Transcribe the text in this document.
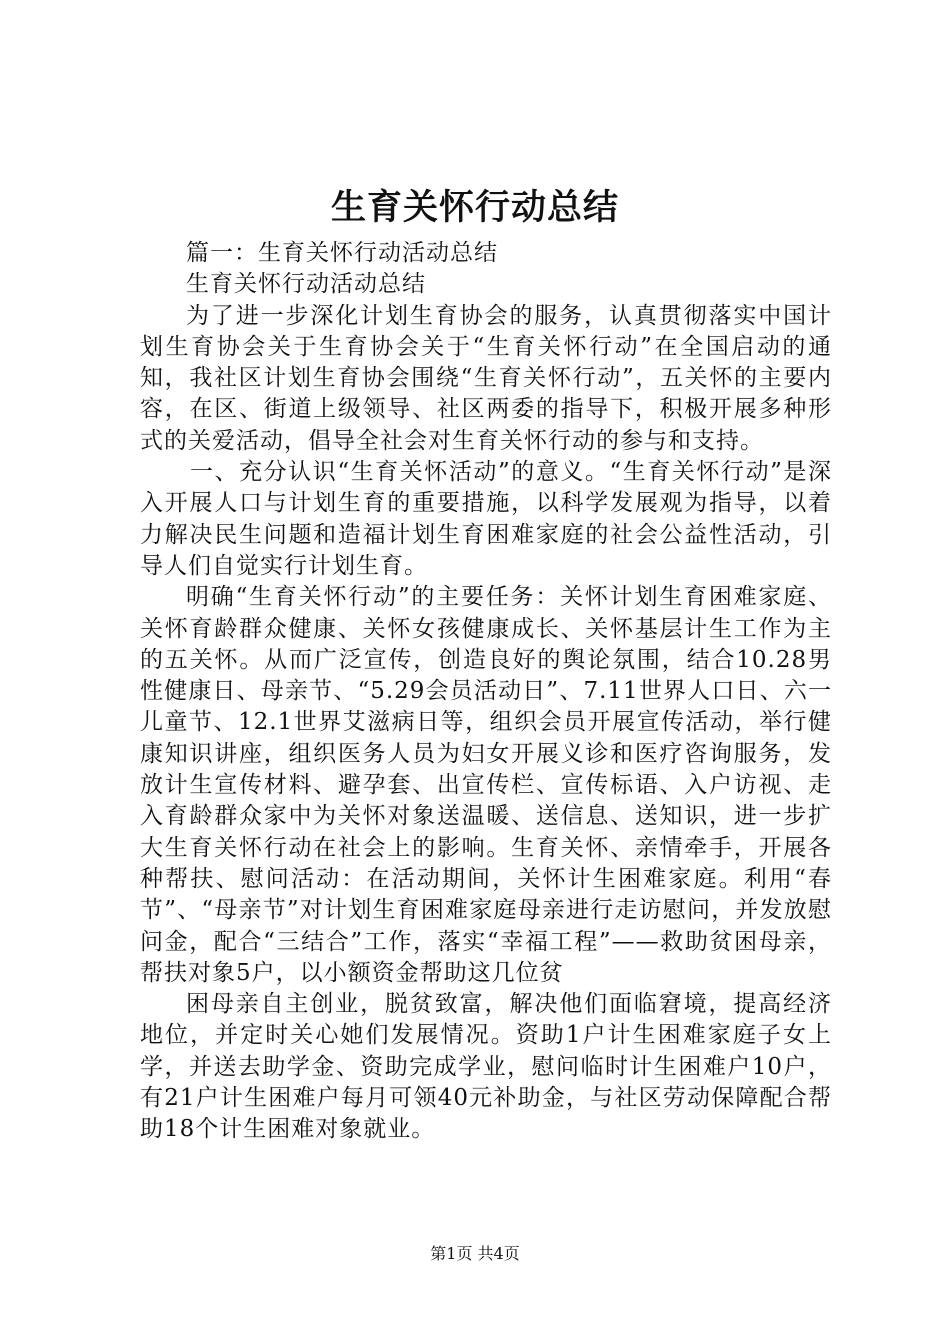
生育关怀行动总结

篇一：生育关怀行动活动总结

生育关怀行动活动总结

为了进一步深化计划生育协会的服务，认真贯彻落实中国计划生育协会关于生育协会关于“生育关怀行动”在全国启动的通知，我社区计划生育协会围绕“生育关怀行动”，五关怀的主要内容，在区、街道上级领导、社区两委的指导下，积极开展多种形式的关爱活动，倡导全社会对生育关怀行动的参与和支持。

一、充分认识“生育关怀活动”的意义。“生育关怀行动”是深入开展人口与计划生育的重要措施，以科学发展观为指导，以着力解决民生问题和造福计划生育困难家庭的社会公益性活动，引导人们自觉实行计划生育。

明确“生育关怀行动”的主要任务：关怀计划生育困难家庭、关怀育龄群众健康、关怀女孩健康成长、关怀基层计生工作为主的五关怀。从而广泛宣传，创造良好的舆论氛围，结合10.28男性健康日、母亲节、“5.29会员活动日”、7.11世界人口日、六一儿童节、12.1世界艾滋病日等，组织会员开展宣传活动，举行健康知识讲座，组织医务人员为妇女开展义诊和医疗咨询服务，发放计生宣传材料、避孕套、出宣传栏、宣传标语、入户访视、走入育龄群众家中为关怀对象送温暖、送信息、送知识，进一步扩大生育关怀行动在社会上的影响。生育关怀、亲情牵手，开展各种帮扶、慰问活动：在活动期间，关怀计生困难家庭。利用“春节”、“母亲节”对计划生育困难家庭母亲进行走访慰问，并发放慰问金，配合“三结合”工作，落实“幸福工程”——救助贫困母亲，帮扶对象5户，以小额资金帮助这几位贫

困母亲自主创业，脱贫致富，解决他们面临窘境，提高经济地位，并定时关心她们发展情况。资助1户计生困难家庭子女上学，并送去助学金、资助完成学业，慰问临时计生困难户10户，有21户计生困难户每月可领40元补助金，与社区劳动保障配合帮助18个计生困难对象就业。

第1页 共4页
